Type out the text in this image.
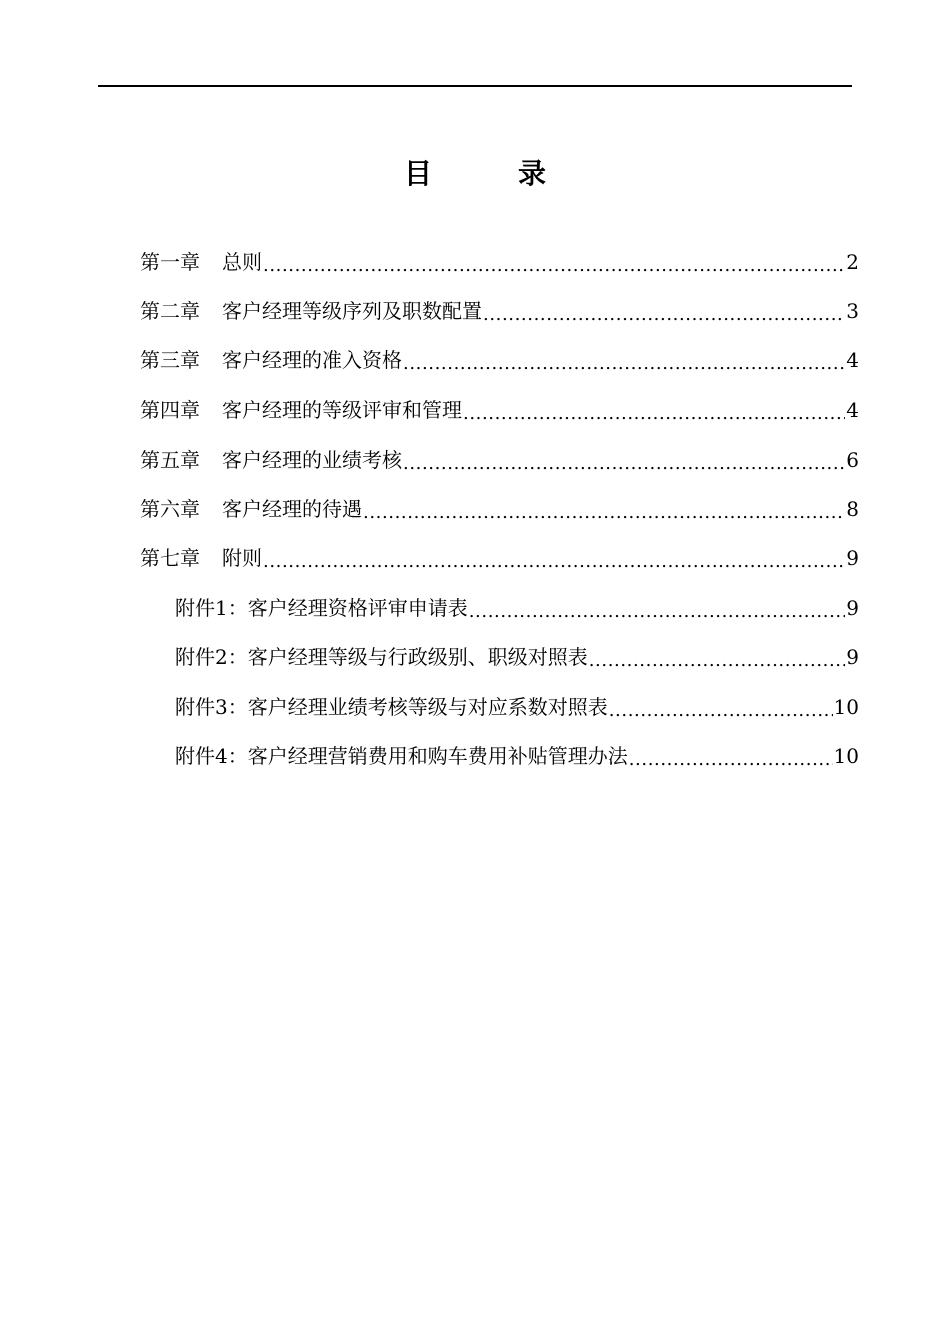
目	录
第一章 总则 .....	2
第二章 客户经理等级序列及职数配置 .....	3
第三章 客户经理的准入资格 .....	4
第四章 客户经理的等级评审和管理 .....	4
第五章 客户经理的业绩考核 .....	6
第六章 客户经理的待遇 .....	8
第七章 附则 .....	9
附件1：客户经理资格评审申请表 .....	9
附件2：客户经理等级与行政级别、职级对照表 .....	9
附件3：客户经理业绩考核等级与对应系数对照表 .....	10
附件4：客户经理营销费用和购车费用补贴管理办法 .....	10
